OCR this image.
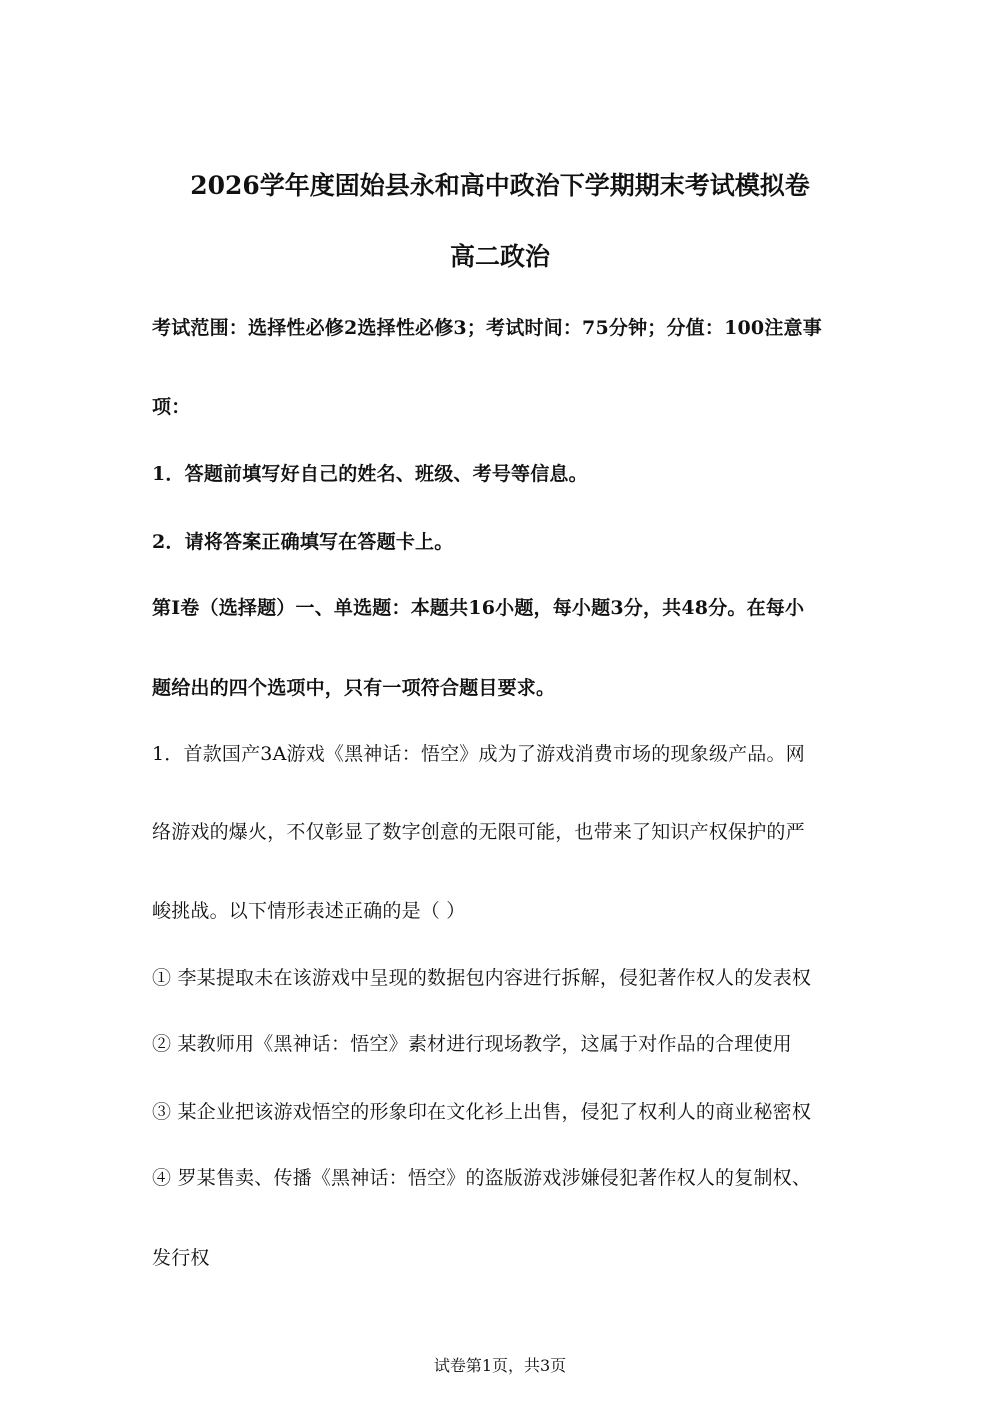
2026学年度固始县永和高中政治下学期期末考试模拟卷
高二政治
考试范围：选择性必修2选择性必修3；考试时间：75分钟；分值：100注意事
项：
1．答题前填写好自己的姓名、班级、考号等信息。
2．请将答案正确填写在答题卡上。
第I卷（选择题）一、单选题：本题共16小题，每小题3分，共48分。在每小
题给出的四个选项中，只有一项符合题目要求。
1．首款国产3A游戏《黑神话：悟空》成为了游戏消费市场的现象级产品。网
络游戏的爆火，不仅彰显了数字创意的无限可能，也带来了知识产权保护的严
峻挑战。以下情形表述正确的是（ ）
① 李某提取未在该游戏中呈现的数据包内容进行拆解，侵犯著作权人的发表权
② 某教师用《黑神话：悟空》素材进行现场教学，这属于对作品的合理使用
③ 某企业把该游戏悟空的形象印在文化衫上出售，侵犯了权利人的商业秘密权
④ 罗某售卖、传播《黑神话：悟空》的盗版游戏涉嫌侵犯著作权人的复制权、
发行权
试卷第1页，共3页
